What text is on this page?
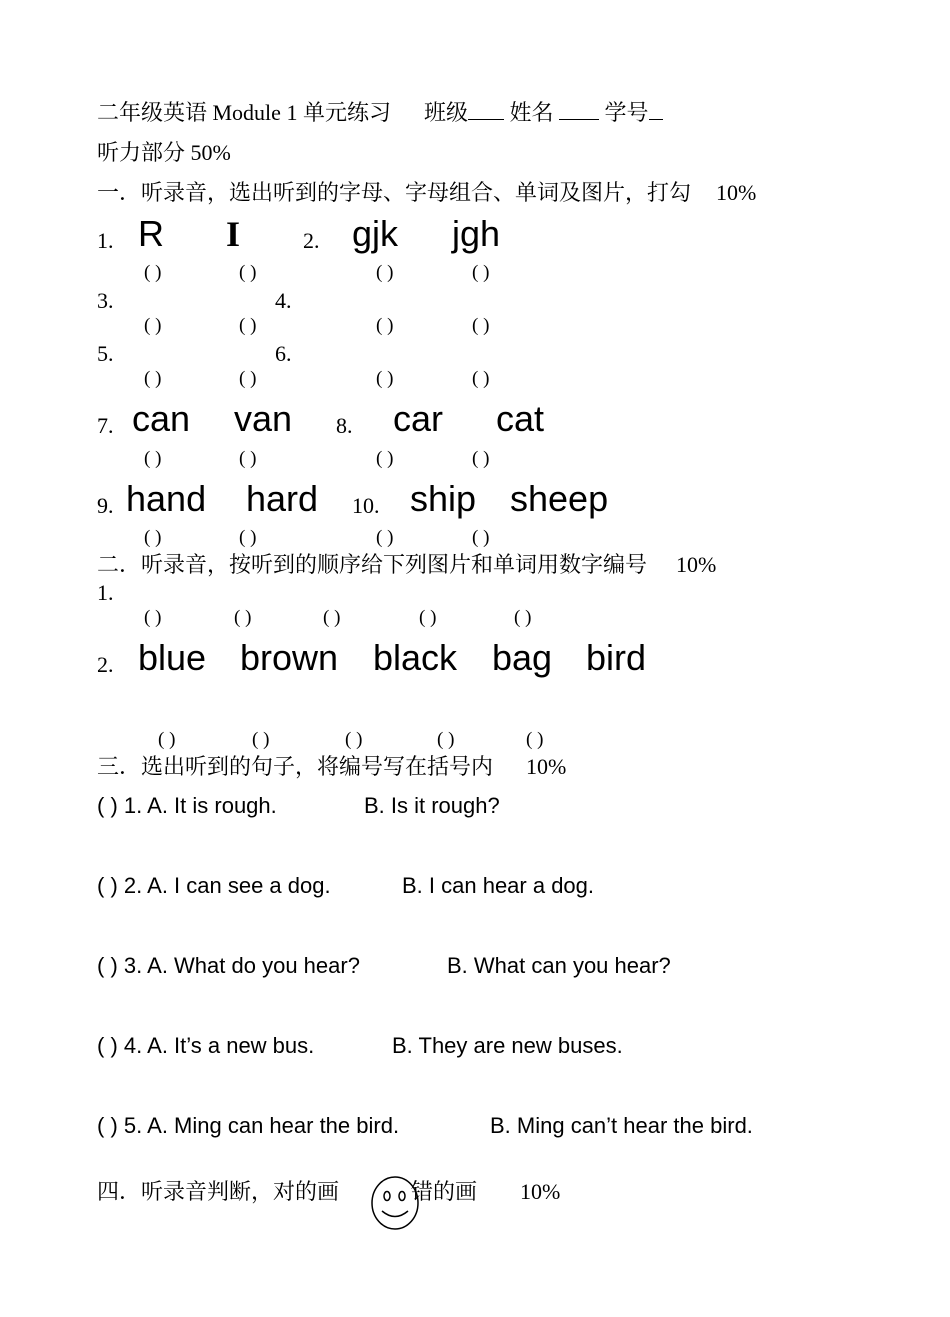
二年级英语 Module 1 单元练习 班级 姓名 学号
听力部分 50%
一．听录音，选出听到的字母、字母组合、单词及图片，打勾 10%
1. R I	2. gjk jgh
( )	( )	( )	( )
3.	4.
( )	( )	( )	( )
5.	6.
( )	( )	( )	( )
7. can van 8. car cat
( )	( )	( )	( )
9. hand hard 10. ship sheep
( )	( )	( )	( )
二．听录音，按听到的顺序给下列图片和单词用数字编号 10%
1.
( )	( )	( )	( )	( )
2. blue brown black bag bird
( )	( )	( )	( )	( )
三．选出听到的句子，将编号写在括号内 10%
( ) 1. A. It is rough.	B. Is it rough?
( ) 2. A. I can see a dog.	B. I can hear a dog.
( ) 3. A. What do you hear?	B. What can you hear?
( ) 4. A. It’s a new bus.	B. They are new buses.
( ) 5. A. Ming can hear the bird.	B. Ming can’t hear the bird.
四．听录音判断，对的画	错的画 10%
